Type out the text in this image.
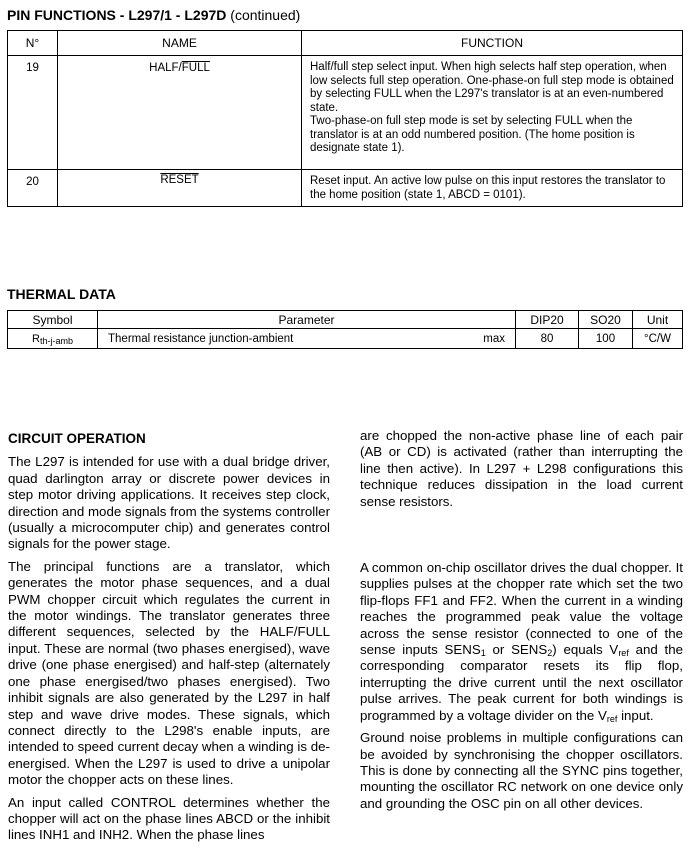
PIN FUNCTIONS - L297/1 - L297D (continued)
N°	NAME	FUNCTION
19	HALF/FULL	Half/full step select input. When high selects half step operation, when low selects full step operation. One-phase-on full step mode is obtained by selecting FULL when the L297's translator is at an even-numbered state.
Two-phase-on full step mode is set by selecting FULL when the translator is at an odd numbered position. (The home position is designate state 1).

20	RESET	Reset input. An active low pulse on this input restores the translator to the home position (state 1, ABCD = 0101).
THERMAL DATA
Symbol	Parameter	DIP20	SO20	Unit
$R_{th-j-amb}$	Thermal resistance junction-ambient max	80	100	°C/W
CIRCUIT OPERATION

The L297 is intended for use with a dual bridge driver, quad darlington array or discrete power devices in step motor driving applications. It receives step clock, direction and mode signals from the systems controller (usually a microcomputer chip) and generates control signals for the power stage.

The principal functions are a translator, which generates the motor phase sequences, and a dual PWM chopper circuit which regulates the current in the motor windings. The translator generates three different sequences, selected by the HALF/FULL input. These are normal (two phases energised), wave drive (one phase energised) and half-step (alternately one phase energised/two phases energised). Two inhibit signals are also generated by the L297 in half step and wave drive modes. These signals, which connect directly to the L298's enable inputs, are intended to speed current decay when a winding is de-energised. When the L297 is used to drive a unipolar motor the chopper acts on these lines.

An input called CONTROL determines whether the chopper will act on the phase lines ABCD or the inhibit lines INH1 and INH2. When the phase lines

are chopped the non-active phase line of each pair (AB or CD) is activated (rather than interrupting the line then active). In L297 + L298 configurations this technique reduces dissipation in the load current sense resistors.

A common on-chip oscillator drives the dual chopper. It supplies pulses at the chopper rate which set the two flip-flops FF1 and FF2. When the current in a winding reaches the programmed peak value the voltage across the sense resistor (connected to one of the sense inputs $SENS_1$ or $SENS_2$) equals $V_{ref}$ and the corresponding comparator resets its flip flop, interrupting the drive current until the next oscillator pulse arrives. The peak current for both windings is programmed by a voltage divider on the $V_{ref}$ input.

Ground noise problems in multiple configurations can be avoided by synchronising the chopper oscillators. This is done by connecting all the SYNC pins together, mounting the oscillator RC network on one device only and grounding the OSC pin on all other devices.
